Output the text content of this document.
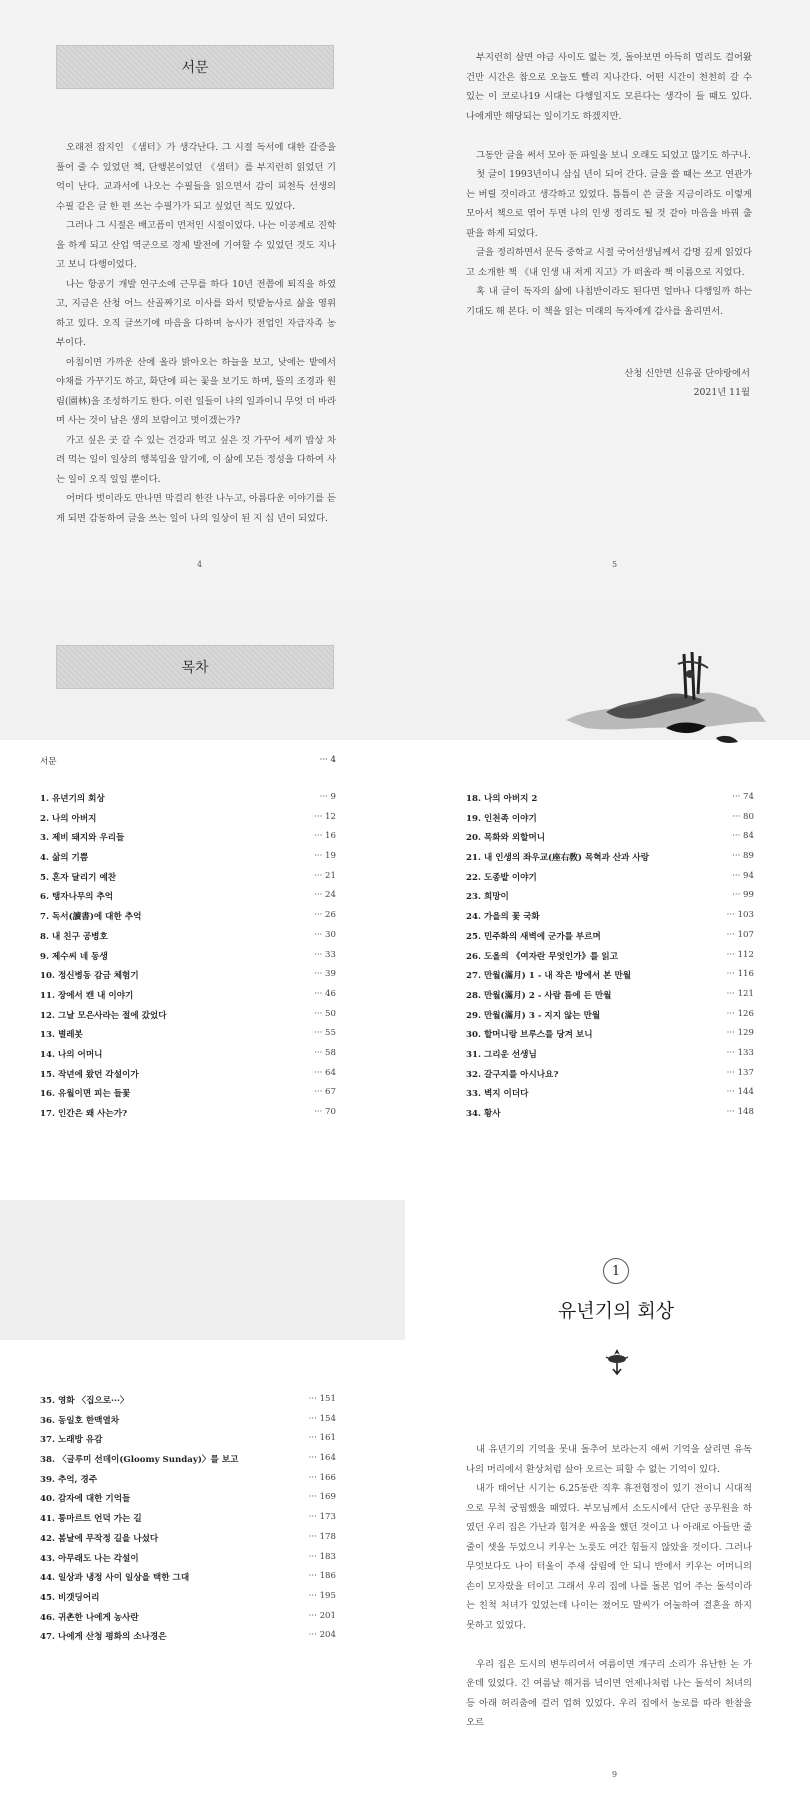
서문

오래전 잡지인 《샘터》가 생각난다. 그 시절 독서에 대한 갈증을 풀어 줄 수 있었던 책, 단행본이었던 《샘터》를 부지런히 읽었던 기억이 난다. 교과서에 나오는 수필들을 읽으면서 감이 피천득 선생의 수필 같은 글 한 편 쓰는 수필가가 되고 싶었던 적도 있었다.

그러나 그 시절은 배고픔이 먼저인 시절이었다. 나는 이공계로 진학을 하게 되고 산업 역군으로 경제 발전에 기여할 수 있었던 것도 지나고 보니 다행이었다.

나는 항공기 개발 연구소에 근무를 하다 10년 전쯤에 퇴직을 하였고, 지금은 산청 어느 산골짜기로 이사를 와서 텃밭농사로 삶을 영위하고 있다. 오직 글쓰기에 마음을 다하며 농사가 전업인 자급자족 농부이다.

아침이면 가까운 산에 올라 밝아오는 하늘을 보고, 낮에는 밭에서 야채를 가꾸기도 하고, 화단에 피는 꽃을 보기도 하며, 뜰의 조경과 원림(園林)을 조성하기도 한다. 이런 일들이 나의 일과이니 무엇 더 바라며 사는 것이 남은 생의 보람이고 멋이겠는가?

가고 싶은 곳 갈 수 있는 건강과 먹고 싶은 것 가꾸어 세끼 밥상 차려 먹는 일이 일상의 행복임을 알기에, 이 삶에 모든 정성을 다하여 사는 일이 오직 일일 뿐이다.

어머다 벗이라도 만나면 막걸리 한잔 나누고, 아름다운 이야기를 듣게 되면 감동하여 글을 쓰는 일이 나의 일상이 된 지 십 년이 되었다.

부지런히 살면 야금 사이도 없는 것, 돌아보면 아득히 멀리도 걸어왔건만 시간은 참으로 오늘도 빨리 지나간다. 어떤 시간이 천천히 갈 수 있는 이 코로나19 시대는 다행일지도 모른다는 생각이 들 때도 있다. 나에게만 해당되는 일이기도 하겠지만.

그동안 글을 써서 모아 둔 파일을 보니 오래도 되었고 많기도 하구나.

첫 글이 1993년이니 삼십 년이 되어 간다. 글을 쓸 때는 쓰고 연관가는 버릴 것이라고 생각하고 있었다. 틈틈이 쓴 글을 지금이라도 이렇게 모아서 책으로 엮어 두면 나의 인생 정리도 될 것 같아 마음을 바꿔 출판을 하게 되었다.

글을 정리하면서 문득 중학교 시절 국어선생님께서 감명 깊게 읽었다고 소개한 책 《내 인생 내 저게 지고》가 떠올라 책 이름으로 지었다.

혹 내 글이 독자의 삶에 나침반이라도 된다면 얼마나 다행일까 하는 기대도 해 본다. 이 책을 읽는 미래의 독자에게 감사를 올리면서.

산청 신안면 신유골 단야랑에서
2021년 11월
4	5
목차
서문	··· 4
1. 유년기의 회상	··· 9
2. 나의 아버지	··· 12
3. 제비 돼지와 우리들	··· 16
4. 삶의 기쁨	··· 19
5. 혼자 달리기 예찬	··· 21
6. 탱자나무의 추억	··· 24
7. 독서(讀書)에 대한 추억	··· 26
8. 내 친구 공병호	··· 30
9. 제수씨 네 동생	··· 33
10. 정신병동 감금 체험기	··· 39
11. 장에서 캔 내 이야기	··· 46
12. 그날 모은사라는 절에 갔었다	··· 50
13. 별레봇	··· 55
14. 나의 어머니	··· 58
15. 작년에 왔던 각설이가	··· 64
16. 유월이면 피는 들꽃	··· 67
17. 인간은 왜 사는가?	··· 70
18. 나의 아버지 2	··· 74
19. 인천족 이야기	··· 80
20. 목화와 외할머니	··· 84
21. 내 인생의 좌우교(座右敎) 목혁과 산과 사랑	··· 89
22. 도종밭 이야기	··· 94
23. 희망이	··· 99
24. 가을의 꽃 국화	··· 103
25. 민주화의 새벽에 군가를 부르며	··· 107
26. 도올의 《여자란 무엇인가》를 읽고	··· 112
27. 만월(滿月) 1 - 내 작은 방에서 본 만월	··· 116
28. 만월(滿月) 2 - 사람 틈에 든 만월	··· 121
29. 만월(滿月) 3 - 지지 않는 만월	··· 126
30. 할머니랑 브루스를 당겨 보니	··· 129
31. 그리운 선생님	··· 133
32. 갈구지를 아시나요?	··· 137
33. 벽지 이더다	··· 144
34. 황사	··· 148
35. 영화 〈집으로···〉	··· 151
36. 동일호 한맥열차	··· 154
37. 노래방 유감	··· 161
38. 〈글루미 선데이(Gloomy Sunday)〉를 보고	··· 164
39. 추억, 경주	··· 166
40. 감자에 대한 기억들	··· 169
41. 통마르트 언덕 가는 길	··· 173
42. 봄날에 무작정 길을 나섰다	··· 178
43. 아무래도 나는 각설이	··· 183
44. 일상과 냉정 사이 일상을 택한 그대	··· 186
45. 비갯딩어리	··· 195
46. 귀촌한 나에게 농사란	··· 201
47. 나에게 산청 평화의 소나경은	··· 204
1
유년기의 회상

내 유년기의 기억을 못내 돌추어 보라는지 애써 기억을 살리면 유독 나의 머리에서 환상처럼 살아 오르는 피할 수 없는 기억이 있다.

내가 태어난 시기는 6.25동란 직후 휴전협정이 있기 전이니 시대적으로 무척 궁핍했을 때였다. 부모님께서 소도시에서 단단 공무원을 하였던 우리 집은 가난과 힘겨운 싸움을 했던 것이고 나 아래로 아들만 줄줄이 셋을 두었으니 키우는 노릇도 여간 힘들지 않았을 것이다. 그러나 무엇보다도 나이 터울이 주새 삼림에 안 되니 반에서 키우는 어머니의 손이 모자랐을 터이고 그래서 우리 집에 나를 돌본 업어 주는 돌석이라는 친척 처녀가 있었는데 나이는 졌어도 말씨가 어눌하여 결혼을 하지 못하고 있었다.

우리 집은 도시의 변두리여서 여름이면 개구리 소리가 유난한 논 가운데 있었다. 긴 여름날 해거름 녘이면 언제나처럼 나는 돌석이 처녀의 등 아래 허리춤에 걸러 업혀 있었다. 우리 집에서 농로를 따라 한참을 오르

9
